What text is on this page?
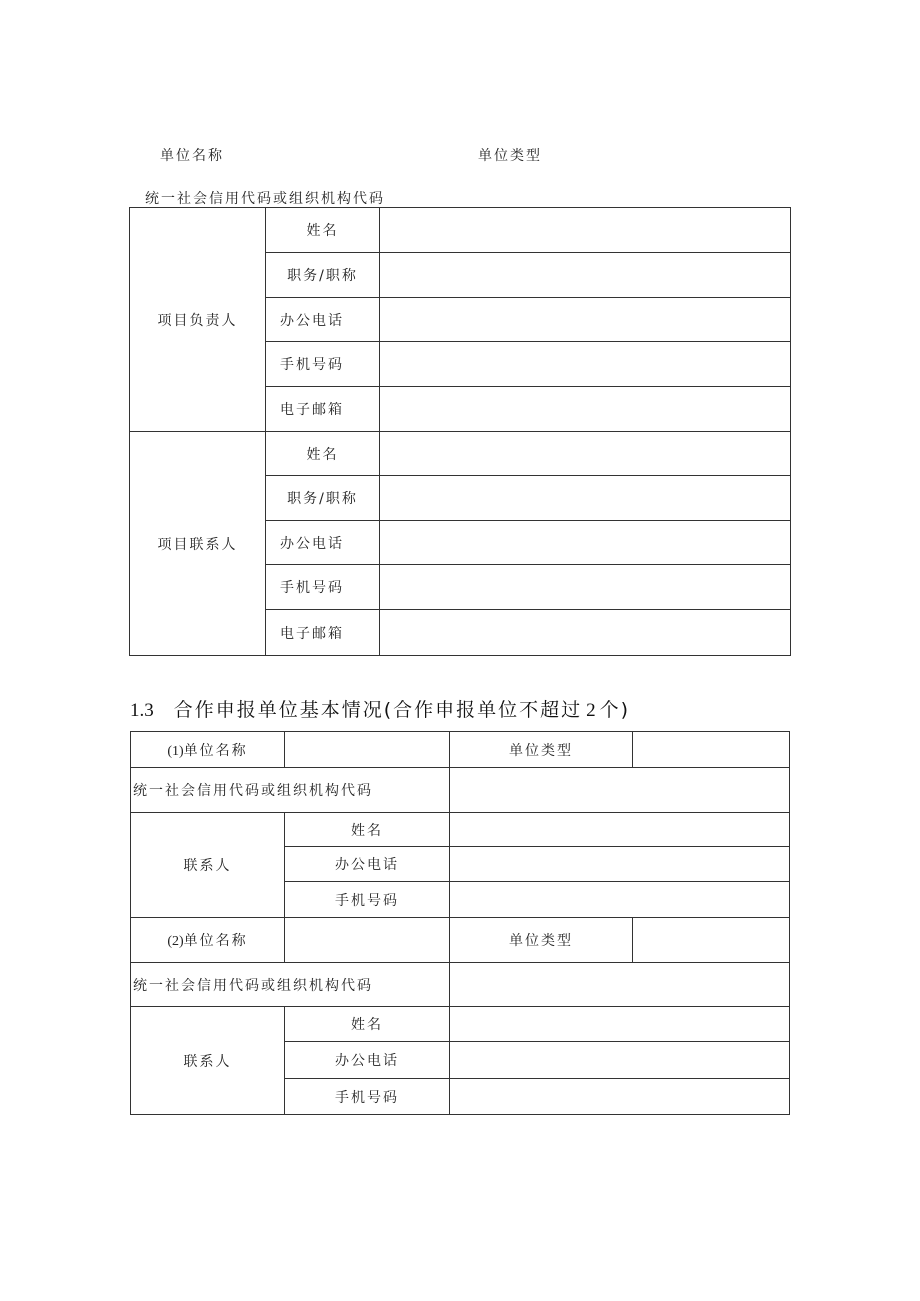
单位名称	单位类型
统一社会信用代码或组织机构代码
项目负责人	姓名	
	职务/职称	
	办公电话	
	手机号码	
	电子邮箱	
项目联系人	姓名	
	职务/职称	
	办公电话	
	手机号码	
	电子邮箱	
1.3 合作申报单位基本情况(合作申报单位不超过 2 个)
(1)单位名称		单位类型	
统一社会信用代码或组织机构代码			
联系人	姓名		
	办公电话		
	手机号码		
(2)单位名称		单位类型	
统一社会信用代码或组织机构代码			
联系人	姓名		
	办公电话		
	手机号码		
